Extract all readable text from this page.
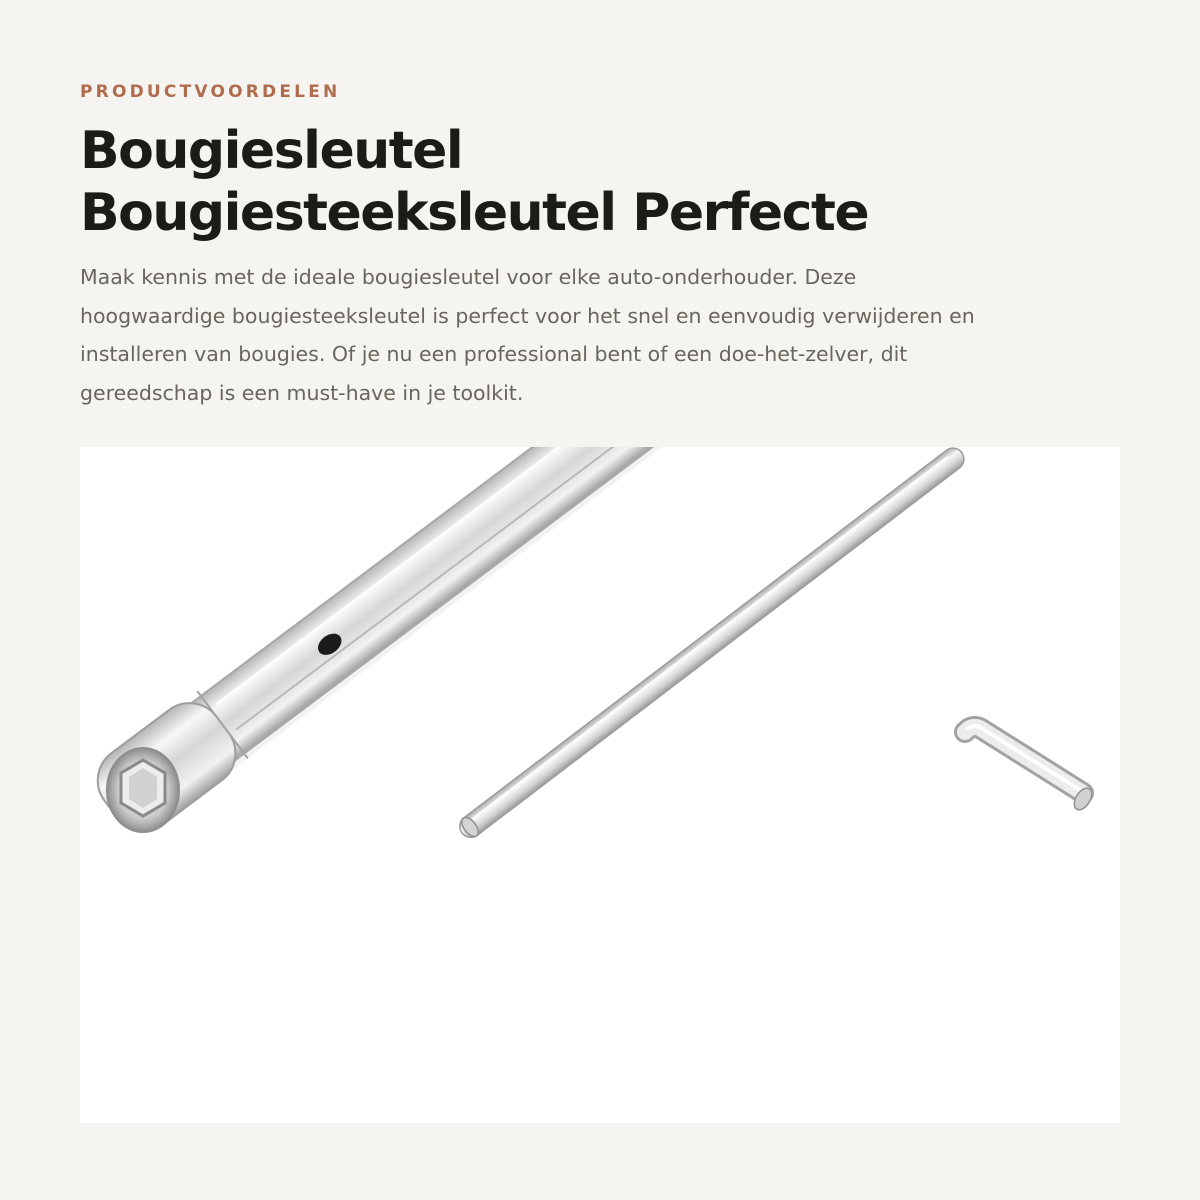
PRODUCTVOORDELEN
Bougiesleutel
Bougiesteeksleutel Perfecte

Maak kennis met de ideale bougiesleutel voor elke auto-onderhouder. Deze
hoogwaardige bougiesteeksleutel is perfect voor het snel en eenvoudig verwijderen en
installeren van bougies. Of je nu een professional bent of een doe-het-zelver, dit
gereedschap is een must-have in je toolkit.
